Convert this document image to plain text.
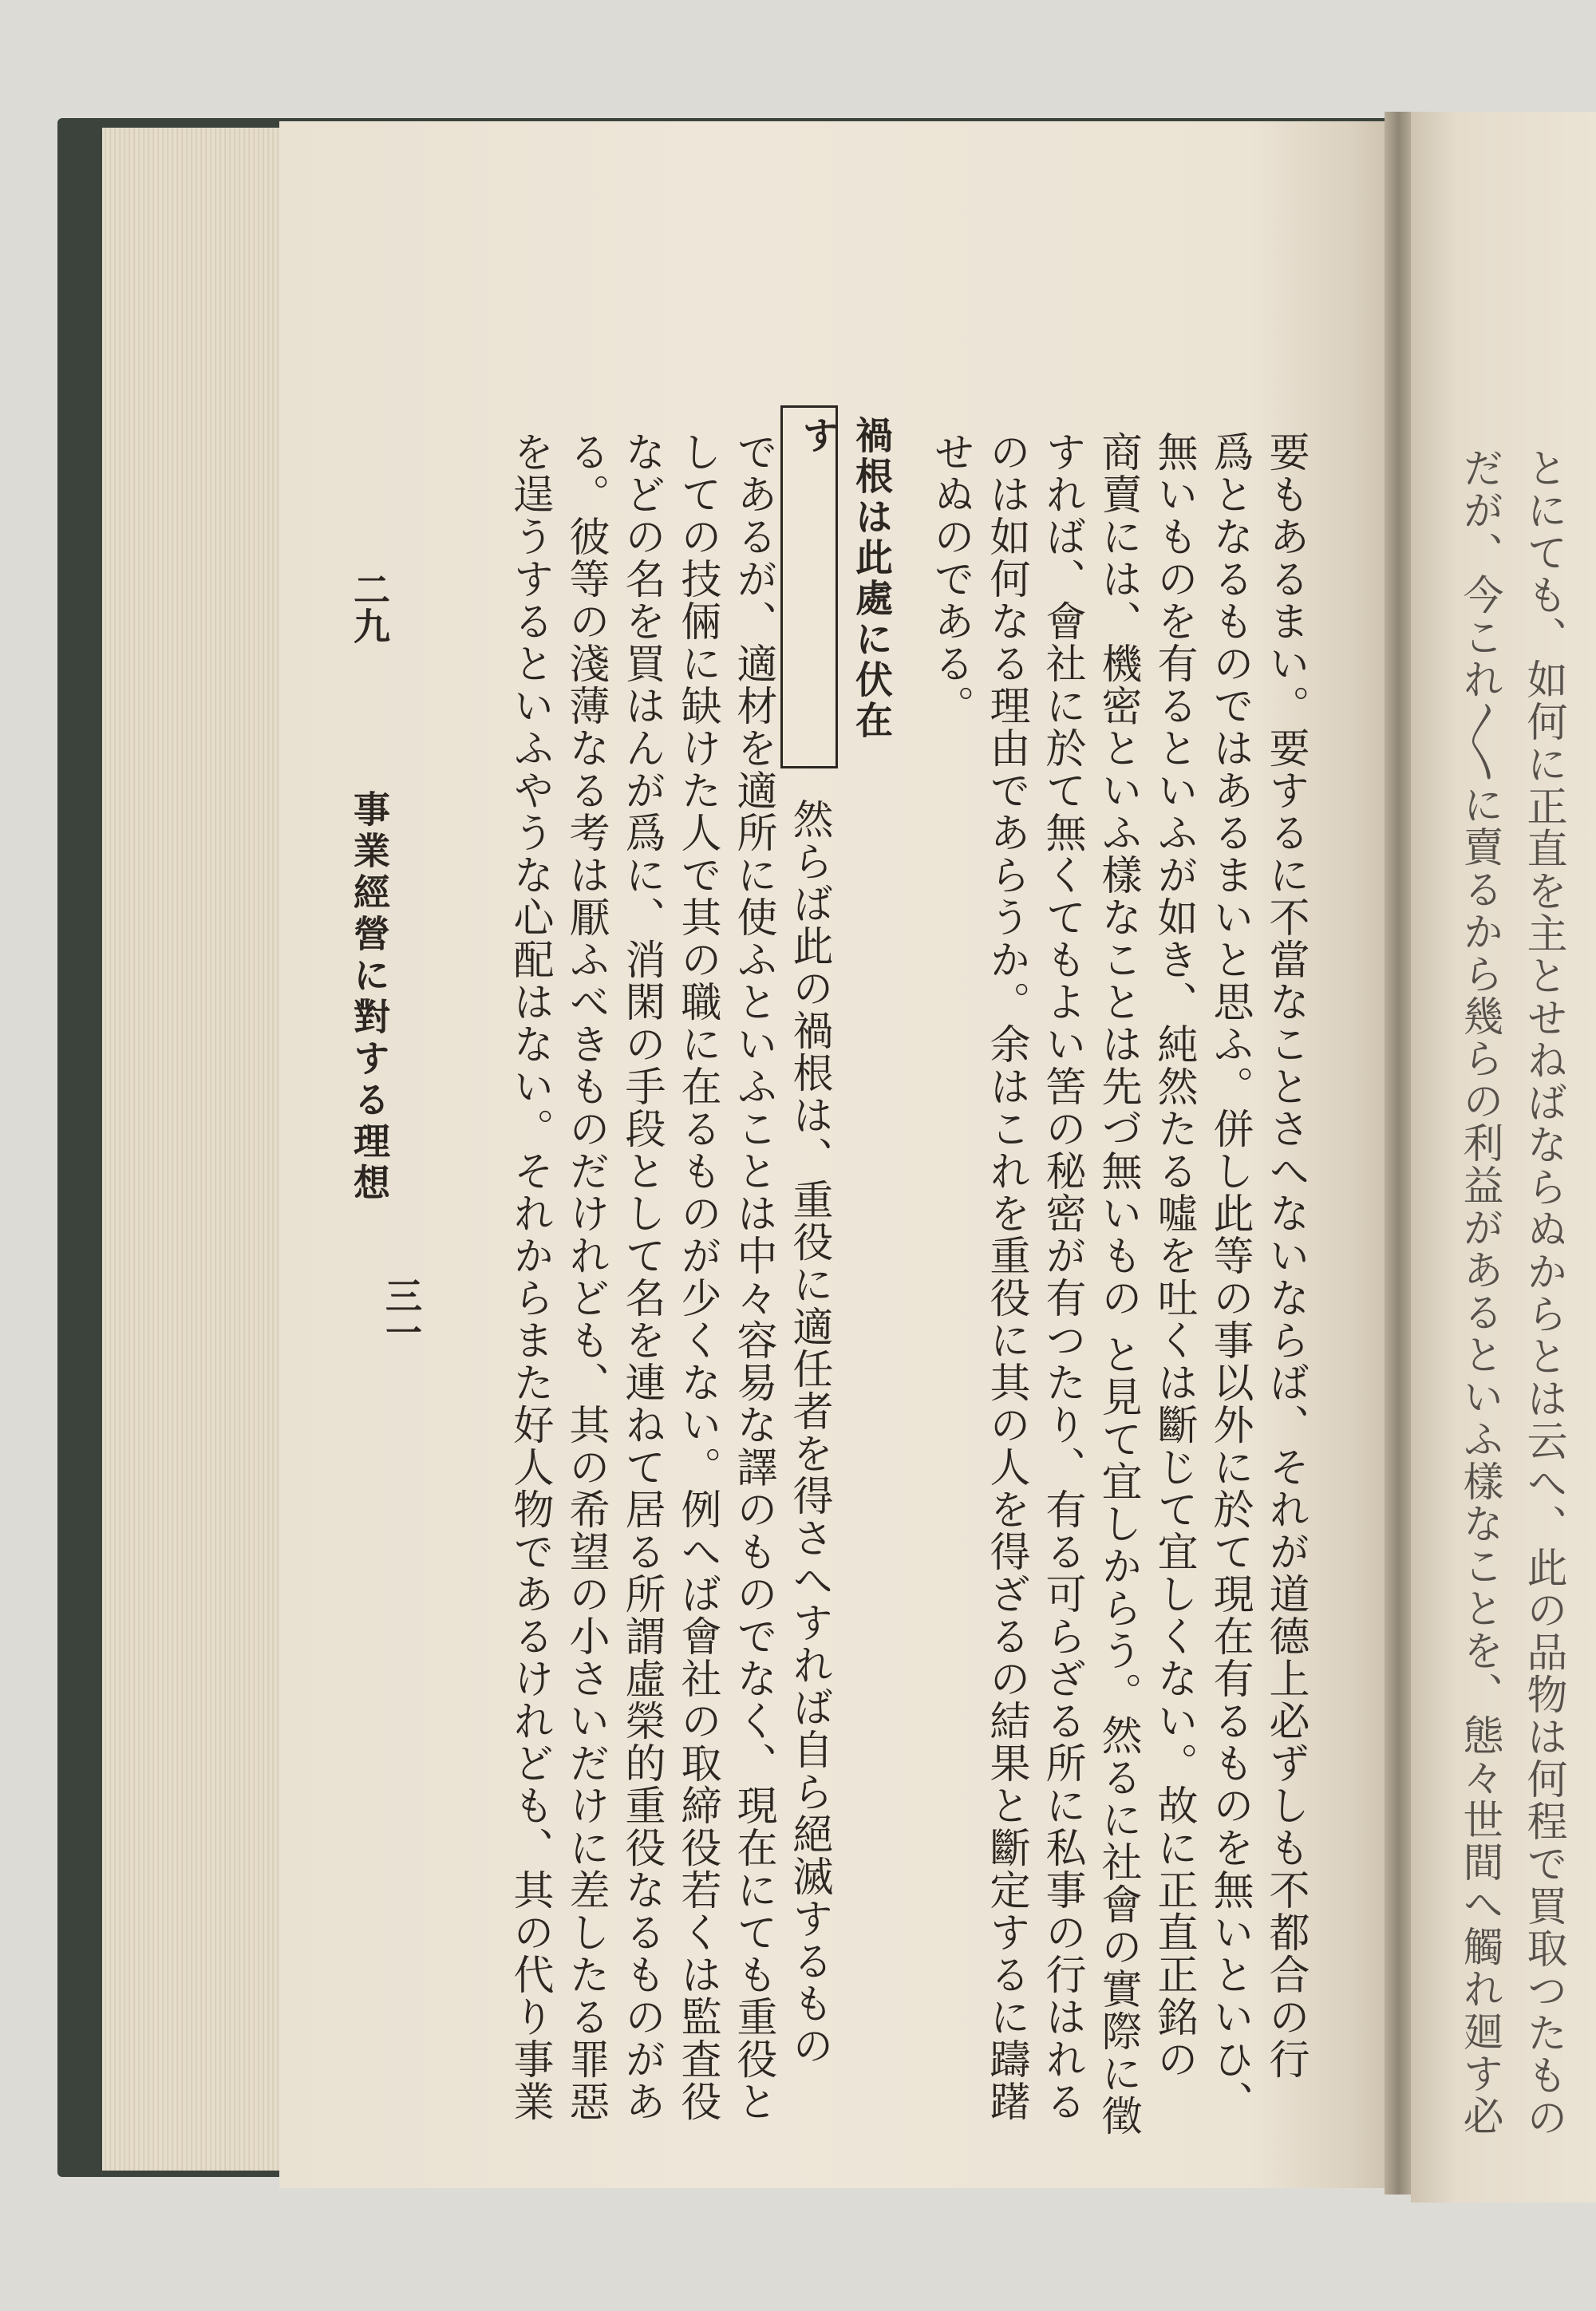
とにても、如何に正直を主とせねばならぬからとは云へ、此の品物は何程で買取つたもの
だが、今これ〳〵に賣るから幾らの利益があるといふ樣なことを、態々世間へ觸れ廻す必
要もあるまい。要するに不當なことさへないならば、それが道德上必ずしも不都合の行
爲となるものではあるまいと思ふ。併し此等の事以外に於て現在有るものを無いといひ、
無いものを有るといふが如き、純然たる噓を吐くは斷じて宜しくない。故に正直正銘の
商賣には、機密といふ樣なことは先づ無いもの と見て宜しからう。然るに社會の實際に徵
すれば、會社に於て無くてもよい筈の秘密が有つたり、有る可らざる所に私事の行はれる
のは如何なる理由であらうか。余はこれを重役に其の人を得ざるの結果と斷定するに躊躇
せぬのである。
禍根は此處に伏在す
然らば此の禍根は、重役に適任者を得さへすれば自ら絕滅するもの
であるが、適材を適所に使ふといふことは中々容易な譯のものでなく、現在にても重役と
しての技倆に缺けた人で其の職に在るものが少くない。例へば會社の取締役若くは監査役
などの名を買はんが爲に、消閑の手段として名を連ねて居る所謂虛榮的重役なるものがあ
る。彼等の淺薄なる考は厭ふべきものだけれども、其の希望の小さいだけに差したる罪惡
を逞うするといふやうな心配はない。それからまた好人物であるけれども、其の代り事業
二九
事業經營に對する理想
三一
